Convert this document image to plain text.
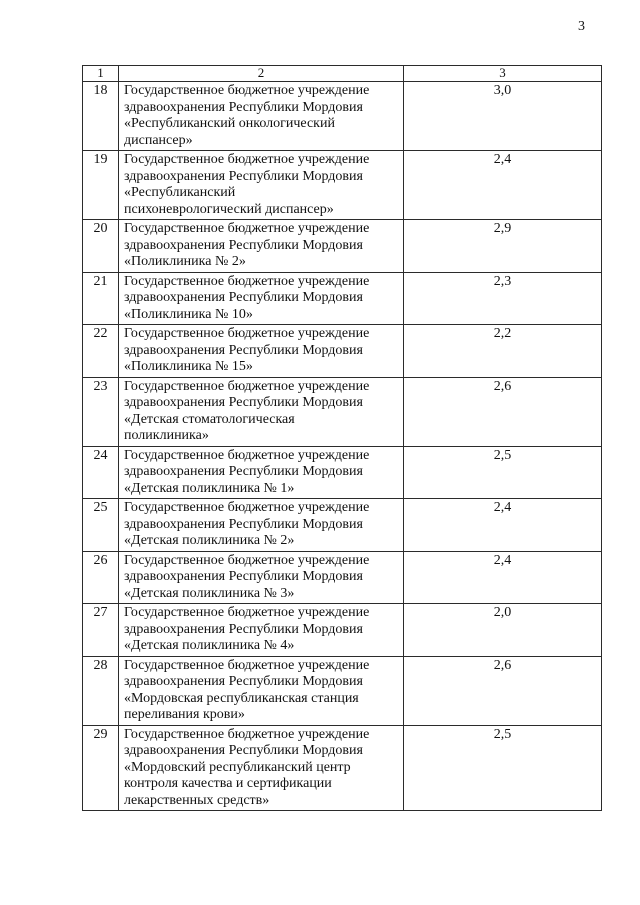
3
1	2	3
18	Государственное бюджетное учреждение
здравоохранения Республики Мордовия
«Республиканский онкологический
диспансер»	3,0
19	Государственное бюджетное учреждение
здравоохранения Республики Мордовия
«Республиканский
психоневрологический диспансер»	2,4
20	Государственное бюджетное учреждение
здравоохранения Республики Мордовия
«Поликлиника № 2»	2,9
21	Государственное бюджетное учреждение
здравоохранения Республики Мордовия
«Поликлиника № 10»	2,3
22	Государственное бюджетное учреждение
здравоохранения Республики Мордовия
«Поликлиника № 15»	2,2
23	Государственное бюджетное учреждение
здравоохранения Республики Мордовия
«Детская стоматологическая
поликлиника»	2,6
24	Государственное бюджетное учреждение
здравоохранения Республики Мордовия
«Детская поликлиника № 1»	2,5
25	Государственное бюджетное учреждение
здравоохранения Республики Мордовия
«Детская поликлиника № 2»	2,4
26	Государственное бюджетное учреждение
здравоохранения Республики Мордовия
«Детская поликлиника № 3»	2,4
27	Государственное бюджетное учреждение
здравоохранения Республики Мордовия
«Детская поликлиника № 4»	2,0
28	Государственное бюджетное учреждение
здравоохранения Республики Мордовия
«Мордовская республиканская станция
переливания крови»	2,6
29	Государственное бюджетное учреждение
здравоохранения Республики Мордовия
«Мордовский республиканский центр
контроля качества и сертификации
лекарственных средств»	2,5
